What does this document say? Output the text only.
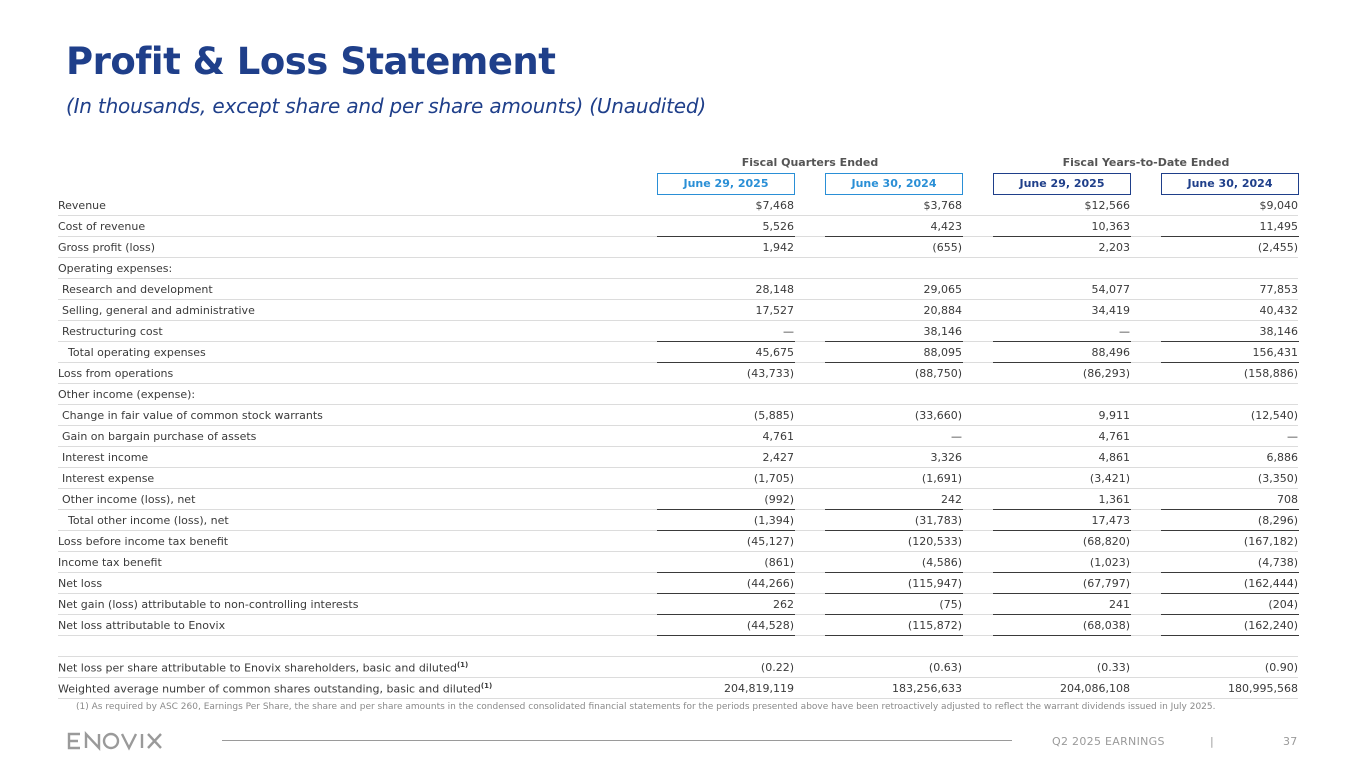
Profit & Loss Statement
(In thousands, except share and per share amounts) (Unaudited)
Fiscal Quarters Ended	Fiscal Years-to-Date Ended
June 29, 2025	June 30, 2024	June 29, 2025	June 30, 2024
Revenue	$7,468	$3,768	$12,566	$9,040
Cost of revenue	5,526	4,423	10,363	11,495
Gross profit (loss)	1,942	(655)	2,203	(2,455)
Operating expenses:
Research and development	28,148	29,065	54,077	77,853
Selling, general and administrative	17,527	20,884	34,419	40,432
Restructuring cost	—	38,146	—	38,146
Total operating expenses	45,675	88,095	88,496	156,431
Loss from operations	(43,733)	(88,750)	(86,293)	(158,886)
Other income (expense):
Change in fair value of common stock warrants	(5,885)	(33,660)	9,911	(12,540)
Gain on bargain purchase of assets	4,761	—	4,761	—
Interest income	2,427	3,326	4,861	6,886
Interest expense	(1,705)	(1,691)	(3,421)	(3,350)
Other income (loss), net	(992)	242	1,361	708
Total other income (loss), net	(1,394)	(31,783)	17,473	(8,296)
Loss before income tax benefit	(45,127)	(120,533)	(68,820)	(167,182)
Income tax benefit	(861)	(4,586)	(1,023)	(4,738)
Net loss	(44,266)	(115,947)	(67,797)	(162,444)
Net gain (loss) attributable to non-controlling interests	262	(75)	241	(204)
Net loss attributable to Enovix	(44,528)	(115,872)	(68,038)	(162,240)
Net loss per share attributable to Enovix shareholders, basic and diluted$^{(1)}$	(0.22)	(0.63)	(0.33)	(0.90)
Weighted average number of common shares outstanding, basic and diluted$^{(1)}$	204,819,119	183,256,633	204,086,108	180,995,568
(1) As required by ASC 260, Earnings Per Share, the share and per share amounts in the condensed consolidated financial statements for the periods presented above have been retroactively adjusted to reflect the warrant dividends issued in July 2025.
Q2 2025 EARNINGS	|	37
